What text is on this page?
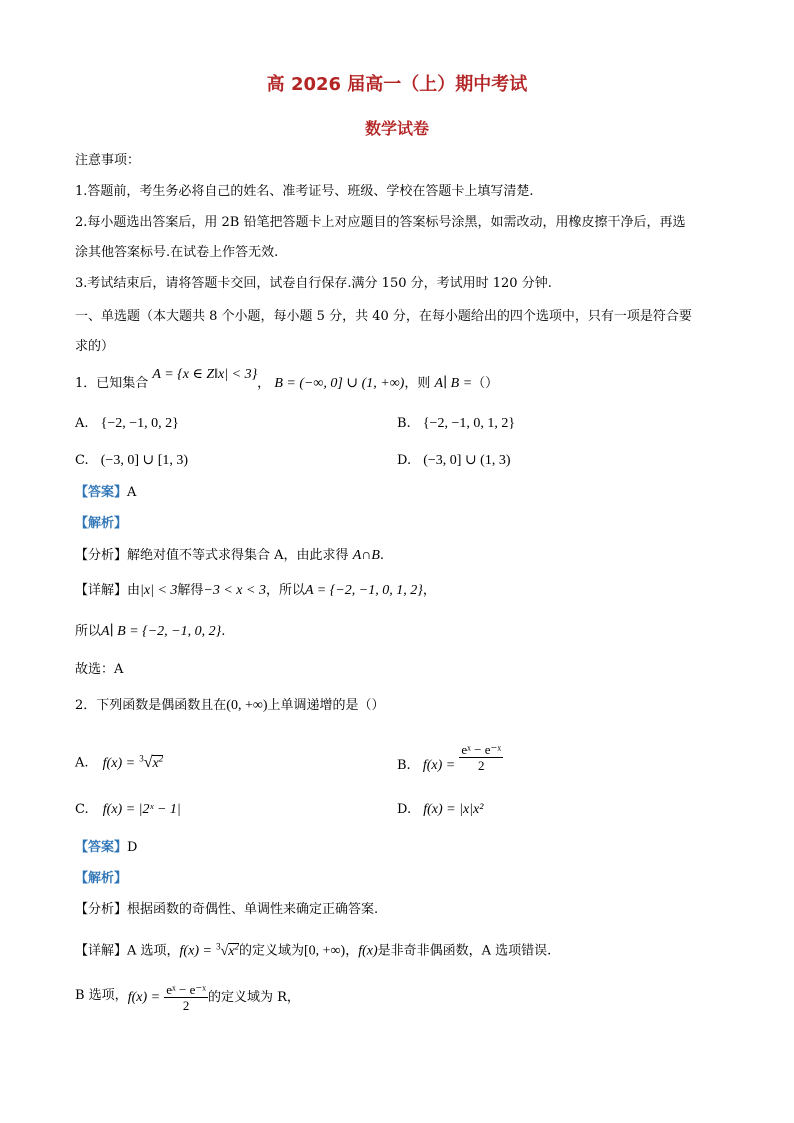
高 2026 届高一（上）期中考试
数学试卷
注意事项：
1.答题前，考生务必将自己的姓名、准考证号、班级、学校在答题卡上填写清楚.
2.每小题选出答案后，用 2B 铅笔把答题卡上对应题目的答案标号涂黑，如需改动，用橡皮擦干净后，再选
涂其他答案标号.在试卷上作答无效.
3.考试结束后，请将答题卡交回，试卷自行保存.满分 150 分，考试用时 120 分钟.
一、单选题（本大题共 8 个小题，每小题 5 分，共 40 分，在每小题给出的四个选项中，只有一项是符合要
求的）
1．已知集合 A = {x ∈ Z‖x| < 3}， B = (−∞, 0] ∪ (1, +∞)，则 A∣ B =（）
A. {−2, −1, 0, 2}	B. {−2, −1, 0, 1, 2}
C. (−3, 0] ∪ [1, 3)	D. (−3, 0] ∪ (1, 3)
【答案】A
【解析】
【分析】解绝对值不等式求得集合 A，由此求得 A∩B.
【详解】由|x| < 3解得−3 < x < 3，所以A = {−2, −1, 0, 1, 2}，
所以A∣ B = {−2, −1, 0, 2}.
故选：A
2．下列函数是偶函数且在(0, +∞)上单调递增的是（）
A. $f(x) = ^3√x^2$	B. $f(x) = \frac{\text{eˣ − e⁻ˣ}}{2}$
C. f(x) = |2ˣ − 1|	D. f(x) = |x|x²
【答案】D
【解析】
【分析】根据函数的奇偶性、单调性来确定正确答案.
【详解】A 选项，$f(x) = ^3√x^2$的定义域为[0, +∞)，f(x)是非奇非偶函数，A 选项错误.
B 选项，$f(x) = \frac{\text{eˣ − e⁻ˣ}}{2}$ 的定义域为 R，
